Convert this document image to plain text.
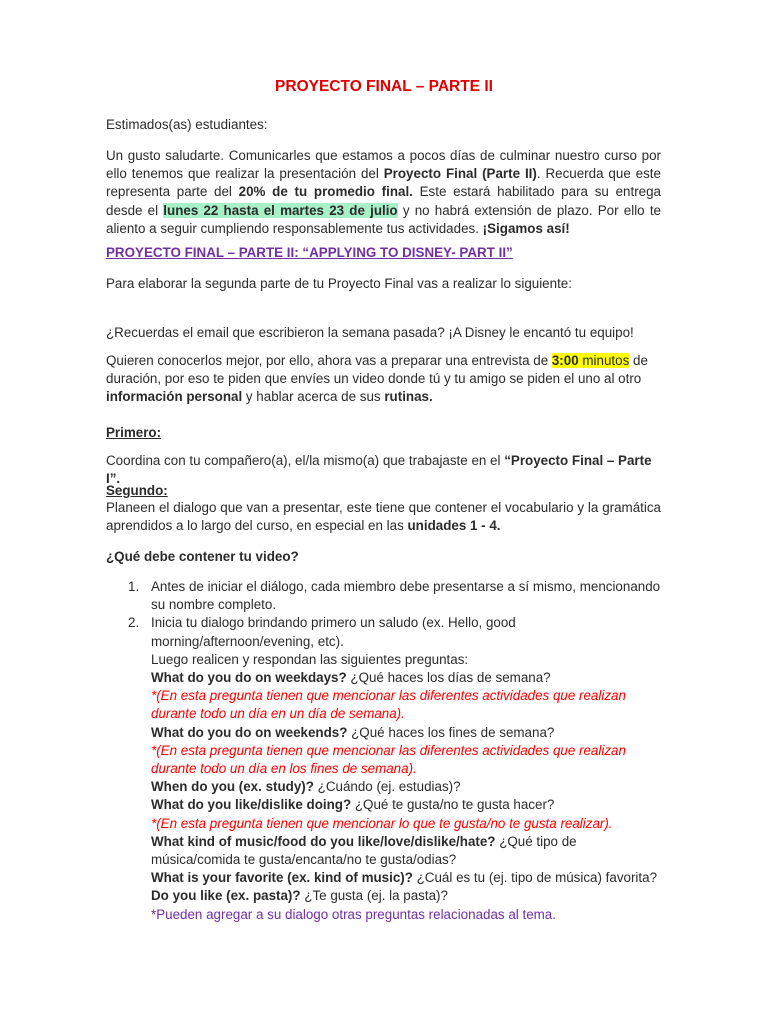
PROYECTO FINAL – PARTE II

Estimados(as) estudiantes:

Un gusto saludarte. Comunicarles que estamos a pocos días de culminar nuestro curso por ello tenemos que realizar la presentación del Proyecto Final (Parte II). Recuerda que este representa parte del 20% de tu promedio final. Este estará habilitado para su entrega desde el lunes 22 hasta el martes 23 de julio y no habrá extensión de plazo. Por ello te aliento a seguir cumpliendo responsablemente tus actividades. ¡Sigamos así!

PROYECTO FINAL – PARTE II: “APPLYING TO DISNEY- PART II”

Para elaborar la segunda parte de tu Proyecto Final vas a realizar lo siguiente:

¿Recuerdas el email que escribieron la semana pasada? ¡A Disney le encantó tu equipo!

Quieren conocerlos mejor, por ello, ahora vas a preparar una entrevista de 3:00 minutos de duración, por eso te piden que envíes un video donde tú y tu amigo se piden el uno al otro información personal y hablar acerca de sus rutinas.

Primero:

Coordina con tu compañero(a), el/la mismo(a) que trabajaste en el “Proyecto Final – Parte I”.

Segundo:

Planeen el dialogo que van a presentar, este tiene que contener el vocabulario y la gramática aprendidos a lo largo del curso, en especial en las unidades 1 - 4.

¿Qué debe contener tu video?

1. Antes de iniciar el diálogo, cada miembro debe presentarse a sí mismo, mencionando su nombre completo.
2. Inicia tu dialogo brindando primero un saludo (ex. Hello, good morning/afternoon/evening, etc).
Luego realicen y respondan las siguientes preguntas:
What do you do on weekdays? ¿Qué haces los días de semana?
*(En esta pregunta tienen que mencionar las diferentes actividades que realizan durante todo un día en un día de semana).
What do you do on weekends? ¿Qué haces los fines de semana?
*(En esta pregunta tienen que mencionar las diferentes actividades que realizan durante todo un día en los fines de semana).
When do you (ex. study)? ¿Cuándo (ej. estudias)?
What do you like/dislike doing? ¿Qué te gusta/no te gusta hacer?
*(En esta pregunta tienen que mencionar lo que te gusta/no te gusta realizar).
What kind of music/food do you like/love/dislike/hate? ¿Qué tipo de música/comida te gusta/encanta/no te gusta/odias?
What is your favorite (ex. kind of music)? ¿Cuál es tu (ej. tipo de música) favorita?
Do you like (ex. pasta)? ¿Te gusta (ej. la pasta)?
*Pueden agregar a su dialogo otras preguntas relacionadas al tema.
